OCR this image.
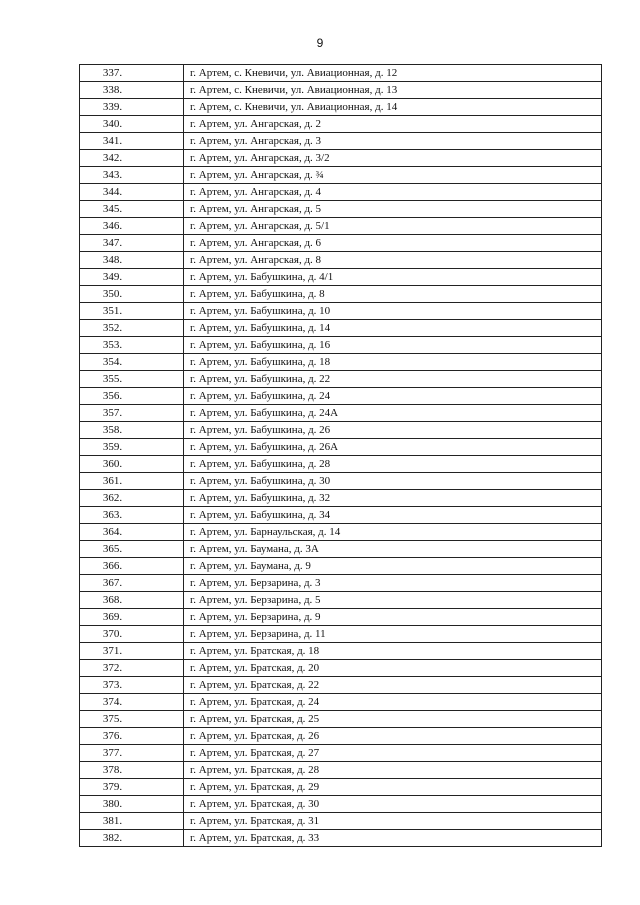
9
337.	г. Артем, с. Кневичи, ул. Авиационная, д. 12
338.	г. Артем, с. Кневичи, ул. Авиационная, д. 13
339.	г. Артем, с. Кневичи, ул. Авиационная, д. 14
340.	г. Артем, ул. Ангарская, д. 2
341.	г. Артем, ул. Ангарская, д. 3
342.	г. Артем, ул. Ангарская, д. 3/2
343.	г. Артем, ул. Ангарская, д. ¾
344.	г. Артем, ул. Ангарская, д. 4
345.	г. Артем, ул. Ангарская, д. 5
346.	г. Артем, ул. Ангарская, д. 5/1
347.	г. Артем, ул. Ангарская, д. 6
348.	г. Артем, ул. Ангарская, д. 8
349.	г. Артем, ул. Бабушкина, д. 4/1
350.	г. Артем, ул. Бабушкина, д. 8
351.	г. Артем, ул. Бабушкина, д. 10
352.	г. Артем, ул. Бабушкина, д. 14
353.	г. Артем, ул. Бабушкина, д. 16
354.	г. Артем, ул. Бабушкина, д. 18
355.	г. Артем, ул. Бабушкина, д. 22
356.	г. Артем, ул. Бабушкина, д. 24
357.	г. Артем, ул. Бабушкина, д. 24А
358.	г. Артем, ул. Бабушкина, д. 26
359.	г. Артем, ул. Бабушкина, д. 26А
360.	г. Артем, ул. Бабушкина, д. 28
361.	г. Артем, ул. Бабушкина, д. 30
362.	г. Артем, ул. Бабушкина, д. 32
363.	г. Артем, ул. Бабушкина, д. 34
364.	г. Артем, ул. Барнаульская, д. 14
365.	г. Артем, ул. Баумана, д. 3А
366.	г. Артем, ул. Баумана, д. 9
367.	г. Артем, ул. Берзарина, д. 3
368.	г. Артем, ул. Берзарина, д. 5
369.	г. Артем, ул. Берзарина, д. 9
370.	г. Артем, ул. Берзарина, д. 11
371.	г. Артем, ул. Братская, д. 18
372.	г. Артем, ул. Братская, д. 20
373.	г. Артем, ул. Братская, д. 22
374.	г. Артем, ул. Братская, д. 24
375.	г. Артем, ул. Братская, д. 25
376.	г. Артем, ул. Братская, д. 26
377.	г. Артем, ул. Братская, д. 27
378.	г. Артем, ул. Братская, д. 28
379.	г. Артем, ул. Братская, д. 29
380.	г. Артем, ул. Братская, д. 30
381.	г. Артем, ул. Братская, д. 31
382.	г. Артем, ул. Братская, д. 33
